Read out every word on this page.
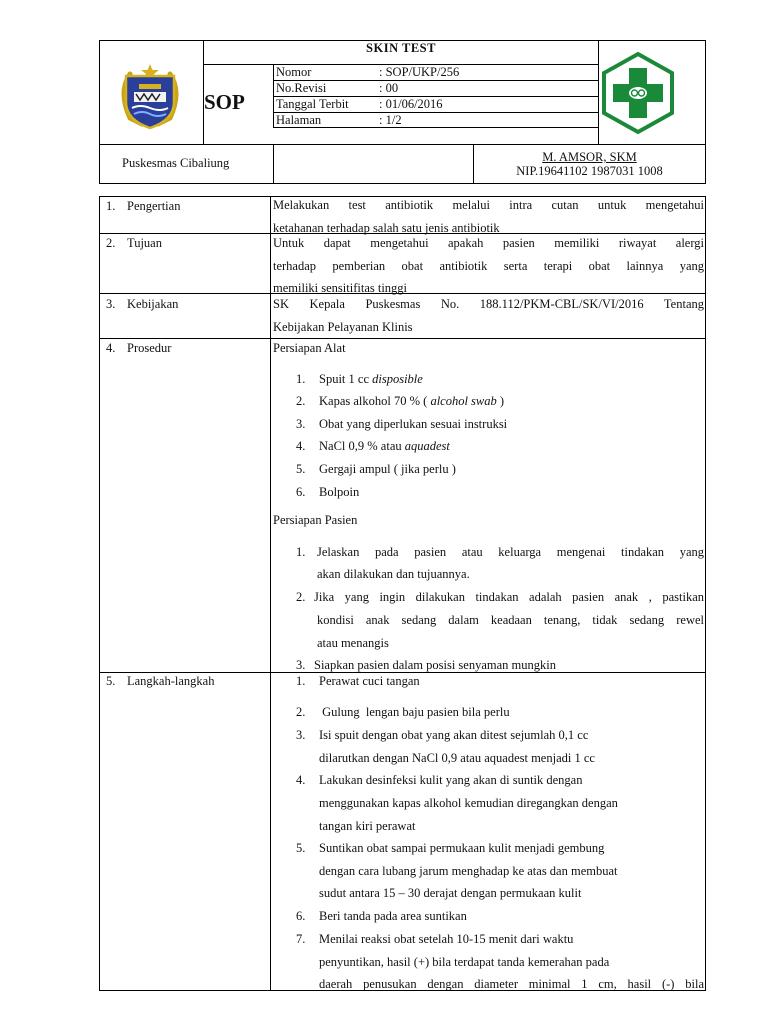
SKIN TEST
SOP
Nomor	: SOP/UKP/256
No.Revisi	: 00
Tanggal Terbit : 01/06/2016
Halaman	: 1/2
Puskesmas Cibaliung	M. AMSOR, SKM
NIP.19641102 1987031 1008
1. Pengertian	Melakukan test antibiotik melalui intra cutan untuk mengetahui
ketahanan terhadap salah satu jenis antibiotik
2. Tujuan	Untuk dapat mengetahui apakah pasien memiliki riwayat alergi
terhadap pemberian obat antibiotik serta terapi obat lainnya yang
memiliki sensitifitas tinggi
3. Kebijakan	SK Kepala Puskesmas No. 188.112/PKM-CBL/SK/VI/2016 Tentang
Kebijakan Pelayanan Klinis
4. Prosedur	Persiapan Alat
1. Spuit 1 cc disposible
2. Kapas alkohol 70 % ( alcohol swab )
3. Obat yang diperlukan sesuai instruksi
4. NaCl 0,9 % atau aquadest
5. Gergaji ampul ( jika perlu )
6. Bolpoin
Persiapan Pasien
1. Jelaskan pada pasien atau keluarga mengenai tindakan yang
akan dilakukan dan tujuannya.
2. Jika yang ingin dilakukan tindakan adalah pasien anak , pastikan
kondisi anak sedang dalam keadaan tenang, tidak sedang rewel
atau menangis
3. Siapkan pasien dalam posisi senyaman mungkin
5. Langkah-langkah	1. Perawat cuci tangan
2. Gulung  lengan baju pasien bila perlu
3. Isi spuit dengan obat yang akan ditest sejumlah 0,1 cc
dilarutkan dengan NaCl 0,9 atau aquadest menjadi 1 cc
4. Lakukan desinfeksi kulit yang akan di suntik dengan
menggunakan kapas alkohol kemudian diregangkan dengan
tangan kiri perawat
5. Suntikan obat sampai permukaan kulit menjadi gembung
dengan cara lubang jarum menghadap ke atas dan membuat
sudut antara 15 – 30 derajat dengan permukaan kulit
6. Beri tanda pada area suntikan
7. Menilai reaksi obat setelah 10-15 menit dari waktu
penyuntikan, hasil (+) bila terdapat tanda kemerahan pada
daerah penusukan dengan diameter minimal 1 cm, hasil (-) bila
